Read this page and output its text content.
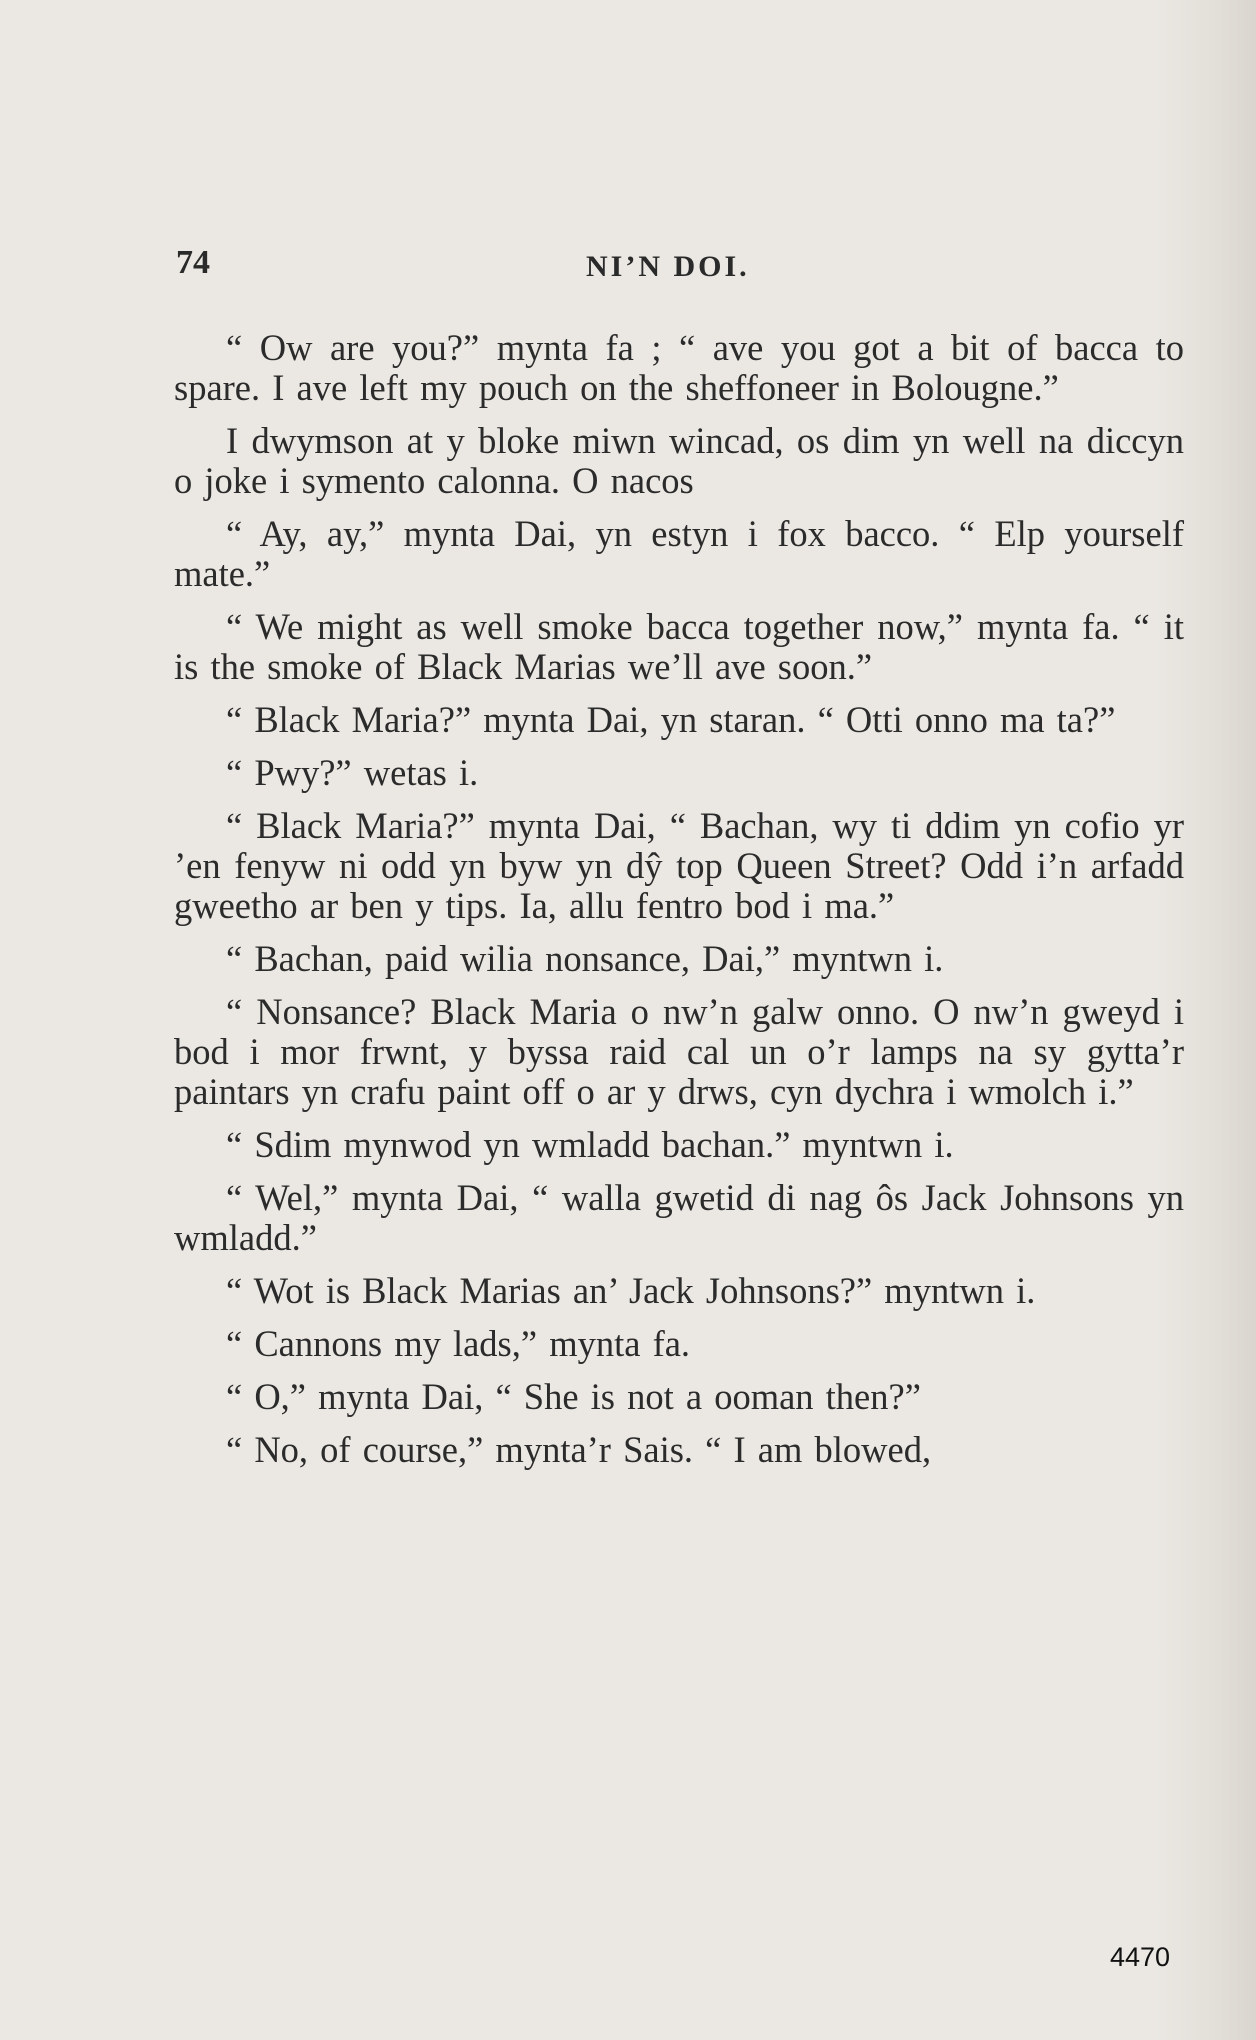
74	NI’N DOI.

“ Ow are you?” mynta fa ; “ ave you got a bit of bacca to spare. I ave left my pouch on the sheffoneer in Bolougne.”

I dwymson at y bloke miwn wincad, os dim yn well na diccyn o joke i symento calonna. O nacos

“ Ay, ay,” mynta Dai, yn estyn i fox bacco. “ Elp yourself mate.”

“ We might as well smoke bacca together now,” mynta fa. “ it is the smoke of Black Marias we’ll ave soon.”

“ Black Maria?” mynta Dai, yn staran. “ Otti onno ma ta?”

“ Pwy?” wetas i.

“ Black Maria?” mynta Dai, “ Bachan, wy ti ddim yn cofio yr ’en fenyw ni odd yn byw yn dŷ top Queen Street? Odd i’n arfadd gweetho ar ben y tips. Ia, allu fentro bod i ma.”

“ Bachan, paid wilia nonsance, Dai,” myntwn i.

“ Nonsance? Black Maria o nw’n galw onno. O nw’n gweyd i bod i mor frwnt, y byssa raid cal un o’r lamps na sy gytta’r paintars yn crafu paint off o ar y drws, cyn dychra i wmolch i.”

“ Sdim mynwod yn wmladd bachan.” myntwn i.

“ Wel,” mynta Dai, “ walla gwetid di nag ôs Jack Johnsons yn wmladd.”

“ Wot is Black Marias an’ Jack Johnsons?” myntwn i.

“ Cannons my lads,” mynta fa.

“ O,” mynta Dai, “ She is not a ooman then?”

“ No, of course,” mynta’r Sais. “ I am blowed,

4470
